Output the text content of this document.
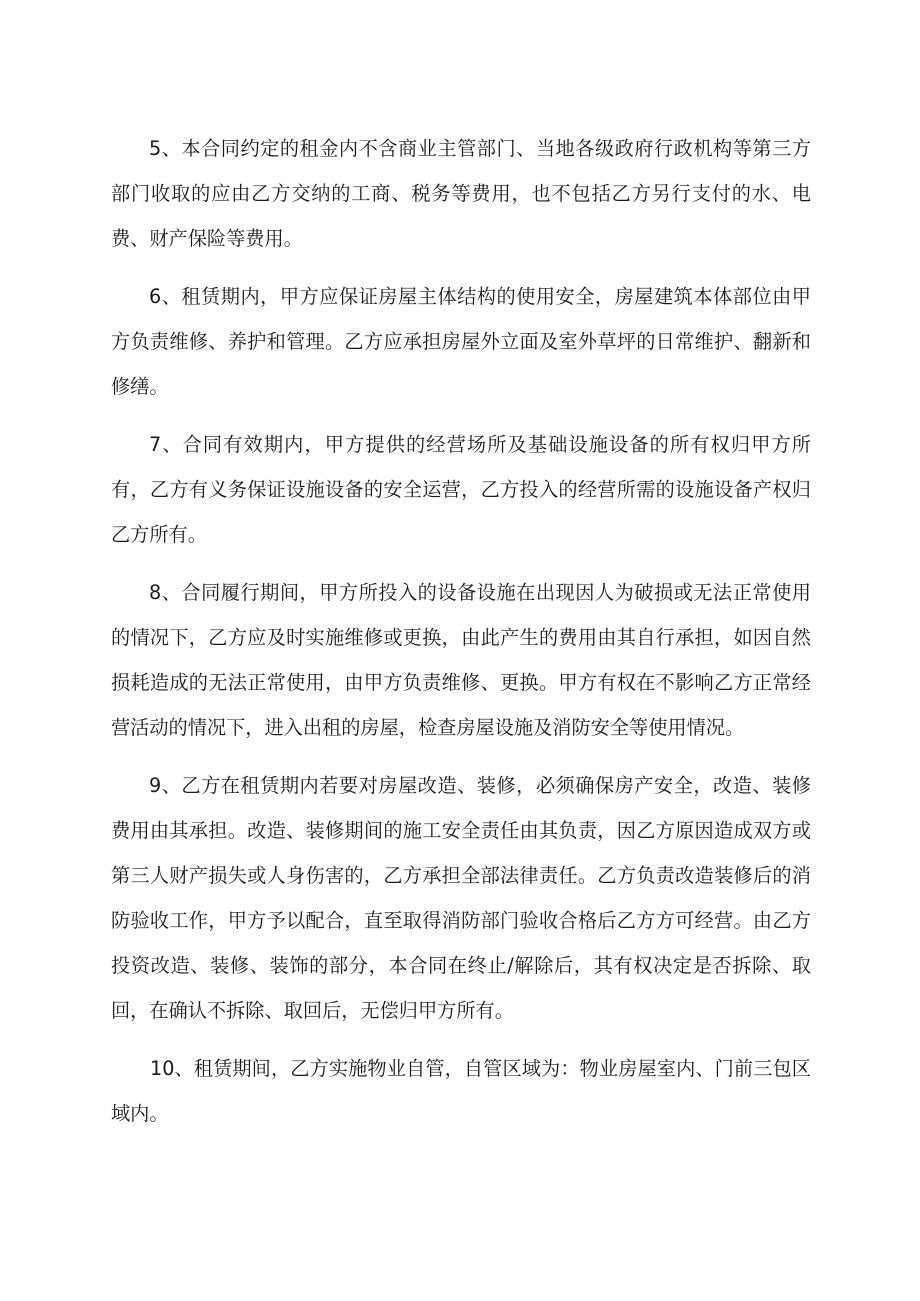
5、本合同约定的租金内不含商业主管部门、当地各级政府行政机构等第三方部门收取的应由乙方交纳的工商、税务等费用，也不包括乙方另行支付的水、电费、财产保险等费用。

6、租赁期内，甲方应保证房屋主体结构的使用安全，房屋建筑本体部位由甲方负责维修、养护和管理。乙方应承担房屋外立面及室外草坪的日常维护、翻新和修缮。

7、合同有效期内，甲方提供的经营场所及基础设施设备的所有权归甲方所有，乙方有义务保证设施设备的安全运营，乙方投入的经营所需的设施设备产权归乙方所有。

8、合同履行期间，甲方所投入的设备设施在出现因人为破损或无法正常使用的情况下，乙方应及时实施维修或更换，由此产生的费用由其自行承担，如因自然损耗造成的无法正常使用，由甲方负责维修、更换。甲方有权在不影响乙方正常经营活动的情况下，进入出租的房屋，检查房屋设施及消防安全等使用情况。

9、乙方在租赁期内若要对房屋改造、装修，必须确保房产安全，改造、装修费用由其承担。改造、装修期间的施工安全责任由其负责，因乙方原因造成双方或第三人财产损失或人身伤害的，乙方承担全部法律责任。乙方负责改造装修后的消防验收工作，甲方予以配合，直至取得消防部门验收合格后乙方方可经营。由乙方投资改造、装修、装饰的部分，本合同在终止/解除后，其有权决定是否拆除、取回，在确认不拆除、取回后，无偿归甲方所有。

10、租赁期间，乙方实施物业自管，自管区域为：物业房屋室内、门前三包区域内。
